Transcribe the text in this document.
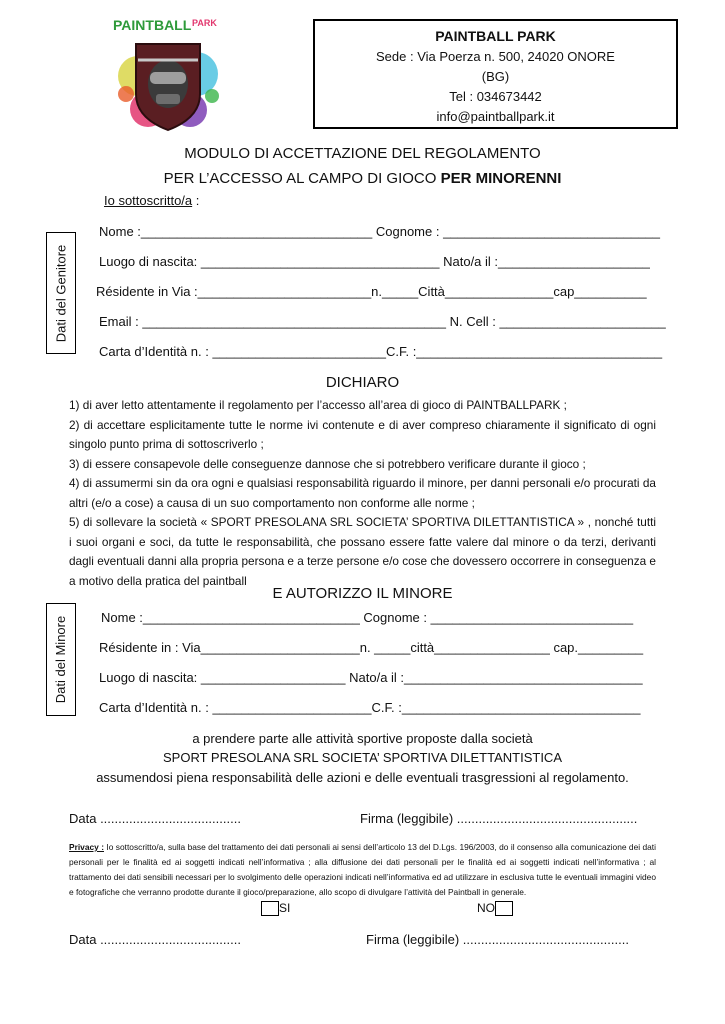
PAINTBALL PARK
PAINTBALL PARK
Sede : Via Poerza n. 500, 24020 ONORE
(BG)
Tel : 034673442
info@paintballpark.it
MODULO DI ACCETTAZIONE DEL REGOLAMENTO
PER L’ACCESSO AL CAMPO DI GIOCO PER MINORENNI
Io sottoscritto/a :
Dati del Genitore
Nome :________________________________ Cognome : ______________________________
Luogo di nascita: _________________________________ Nato/a il :_____________________
Résidente in Via :________________________n._____Città_______________cap__________
Email : __________________________________________ N. Cell : _______________________
Carta d’Identità n. : ________________________C.F. :__________________________________
DICHIARO

1) di aver letto attentamente il regolamento per l’accesso all’area di gioco di PAINTBALLPARK ;

2) di accettare esplicitamente tutte le norme ivi contenute e di aver compreso chiaramente il significato di ogni singolo punto prima di sottoscriverlo ;

3) di essere consapevole delle conseguenze dannose che si potrebbero verificare durante il gioco ;

4) di assumermi sin da ora ogni e qualsiasi responsabilità riguardo il minore, per danni personali e/o procurati da altri (e/o a cose) a causa di un suo comportamento non conforme alle norme ;

5) di sollevare la società « SPORT PRESOLANA SRL SOCIETA’ SPORTIVA DILETTANTISTICA » , nonché tutti i suoi organi e soci, da tutte le responsabilità, che possano essere fatte valere dal minore o da terzi, derivanti dagli eventuali danni alla propria persona e a terze persone e/o cose che dovessero occorrere in conseguenza e a motivo della pratica del paintball

E AUTORIZZO IL MINORE
Dati del Minore	Nome :______________________________ Cognome : ____________________________
Résidente in : Via______________________n. _____città________________ cap._________
Luogo di nascita: ____________________ Nato/a il :_________________________________
Carta d’Identità n. : ______________________C.F. :_________________________________
a prendere parte alle attività sportive proposte dalla società
SPORT PRESOLANA SRL SOCIETA’ SPORTIVA DILETTANTISTICA
assumendosi piena responsabilità delle azioni e delle eventuali trasgressioni al regolamento.
Data .......................................	Firma (leggibile) ..................................................
Privacy : Io sottoscritto/a, sulla base del trattamento dei dati personali ai sensi dell’articolo 13 del D.Lgs. 196/2003, do il consenso alla comunicazione dei dati personali per le finalità ed ai soggetti indicati nell’informativa ; alla diffusione dei dati personali per le finalità ed ai soggetti indicati nell’informativa ; al trattamento dei dati sensibili necessari per lo svolgimento delle operazioni indicati nell’informativa ed ad utilizzare in esclusiva tutte le eventuali immagini video e fotografiche che verranno prodotte durante il gioco/preparazione, allo scopo di divulgare l’attività del Paintball in generale.
SI	NO
Data .......................................	Firma (leggibile) ..............................................
